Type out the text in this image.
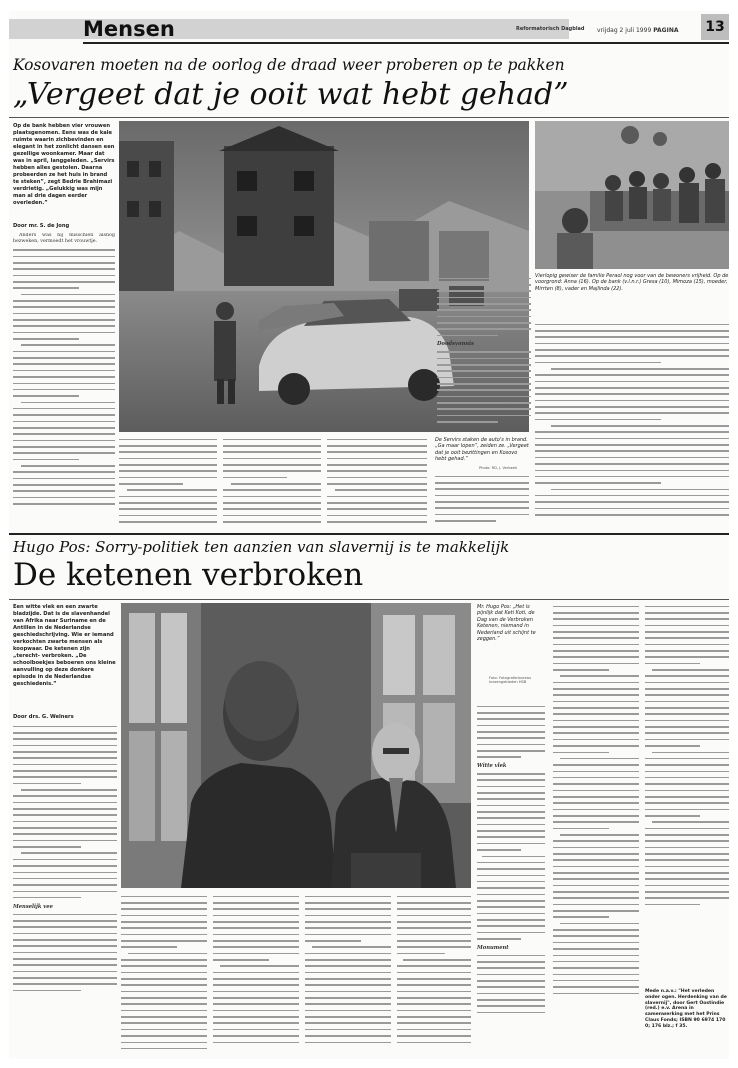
Mensen	Reformatorisch Dagblad vrijdag 2 juli 1999 PAGINA	13
Kosovaren moeten na de oorlog de draad weer proberen op te pakken
„Vergeet dat je ooit wat hebt gehad”
Op de bank hebben vier vrouwen plaatsgenomen. Eens was de kale ruimte waarin zichbevinden en elegant in het zonlicht dansen een gezellige woonkamer. Maar dat was in april, langgeleden. „Servirs hebben alles gestolen. Daarna probeerden ze het huis in brand te steken”, zegt Bedrie Brahimazi verdrietig. „Gelukkig was mijn man al drie dagen eerder overleden.”
Door mr. S. de Jong
De Servirs staken de auto's in brand. „Ga maar lopen”, zeiden ze. „Vergeet dat je ooit bezittingen en Kosovo hebt gehad.”
Photo: RD, J. Verbeek
Vierlopig gewiser de familie Peraol nog voor van de bewoners vrijheid. Op de voorgrond: Anna (16). Op de bank (v.l.n.r.) Gresa (10), Mimoza (15), moeder, Mirrten (8), vader en Majlinda (22).

Anders was hij misschien alsnog bezweken, vermoedt het vrouwtje.

Doodsvonnis

Hugo Pos: Sorry-politiek ten aanzien van slavernij is te makkelijk
De ketenen verbroken
Een witte vlek en een zwarte bladzijde. Dat is de slavenhandel van Afrika naar Suriname en de Antillen in de Nederlandse geschiedschrijving. Wie er iemand verkochten zwarte mensen als koopwaar. De ketenen zijn „terecht- verbroken. „De schoolboekjes beboeren ons kleine aanvulling op deze donkere episode in de Nederlandse geschiedenis.”
Door drs. G. Welners
Mr. Hugo Pos: „Het is pijnlijk dat Keti Koti, de Dag van de Verbroken Ketenen, niemand in Nederland uit schijnt te zeggen.”
Foto: Fotografenbureau Inezengebieden HSB

Menselijk vee

Witte vlek

Monument

Mede n.a.v.: "Het verleden onder ogen. Herdenking van de slavernij", door Gert Oostindie (red.) e.v. Arena in samenwerking met het Prins Claus Fonds; ISBN 90 6974 170 0; 176 blz.; f 35.
